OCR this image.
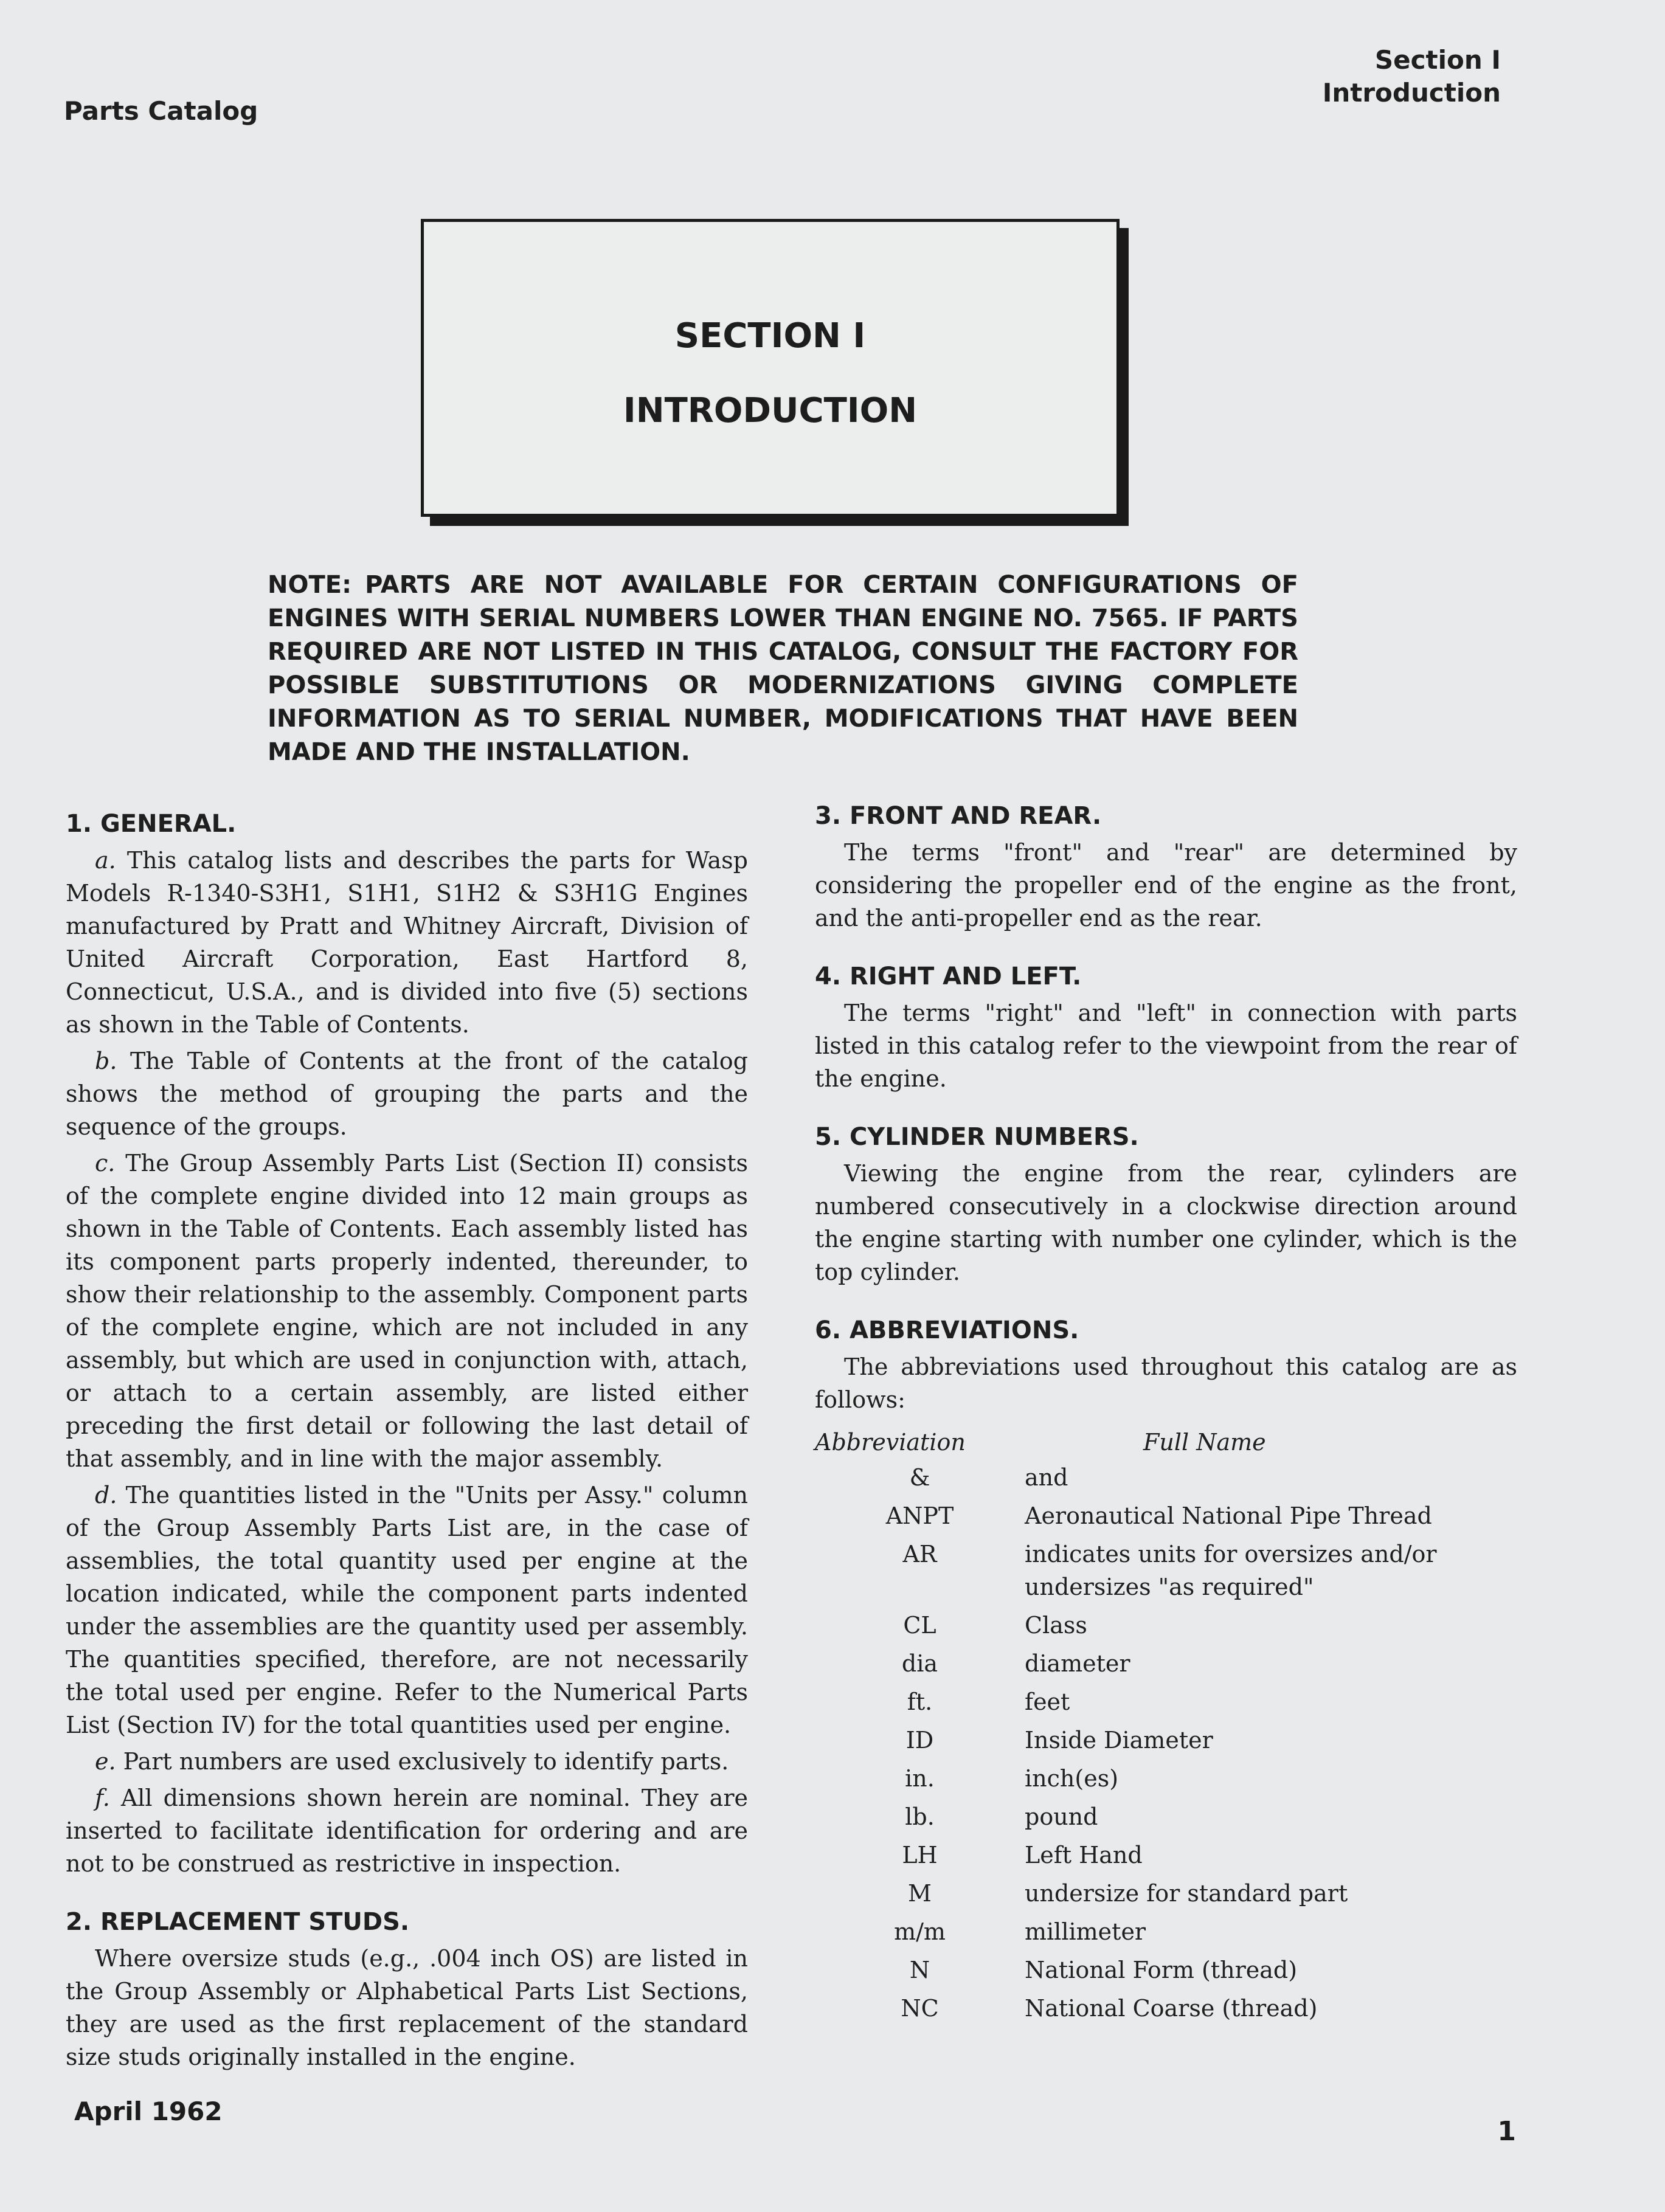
Parts Catalog
Section I
Introduction
SECTION I
INTRODUCTION
NOTE: PARTS ARE NOT AVAILABLE FOR CERTAIN CONFIGURATIONS OF ENGINES WITH SERIAL NUMBERS LOWER THAN ENGINE NO. 7565. IF PARTS REQUIRED ARE NOT LISTED IN THIS CATALOG, CONSULT THE FACTORY FOR POSSIBLE SUBSTITUTIONS OR MODERNIZATIONS GIVING COMPLETE INFORMATION AS TO SERIAL NUMBER, MODIFICATIONS THAT HAVE BEEN MADE AND THE INSTALLATION.
1. GENERAL.

a. This catalog lists and describes the parts for Wasp Models R-1340-S3H1, S1H1, S1H2 & S3H1G Engines manufactured by Pratt and Whitney Aircraft, Division of United Aircraft Corporation, East Hartford 8, Connecticut, U.S.A., and is divided into five (5) sections as shown in the Table of Contents.

b. The Table of Contents at the front of the catalog shows the method of grouping the parts and the sequence of the groups.

c. The Group Assembly Parts List (Section II) consists of the complete engine divided into 12 main groups as shown in the Table of Contents. Each assembly listed has its component parts properly indented, thereunder, to show their relationship to the assembly. Component parts of the complete engine, which are not included in any assembly, but which are used in conjunction with, attach, or attach to a certain assembly, are listed either preceding the first detail or following the last detail of that assembly, and in line with the major assembly.

d. The quantities listed in the "Units per Assy." column of the Group Assembly Parts List are, in the case of assemblies, the total quantity used per engine at the location indicated, while the component parts indented under the assemblies are the quantity used per assembly. The quantities specified, therefore, are not necessarily the total used per engine. Refer to the Numerical Parts List (Section IV) for the total quantities used per engine.

e. Part numbers are used exclusively to identify parts.

f. All dimensions shown herein are nominal. They are inserted to facilitate identification for ordering and are not to be construed as restrictive in inspection.

2. REPLACEMENT STUDS.

Where oversize studs (e.g., .004 inch OS) are listed in the Group Assembly or Alphabetical Parts List Sections, they are used as the first replacement of the standard size studs originally installed in the engine.

3. FRONT AND REAR.

The terms "front" and "rear" are determined by considering the propeller end of the engine as the front, and the anti-propeller end as the rear.

4. RIGHT AND LEFT.

The terms "right" and "left" in connection with parts listed in this catalog refer to the viewpoint from the rear of the engine.

5. CYLINDER NUMBERS.

Viewing the engine from the rear, cylinders are numbered consecutively in a clockwise direction around the engine starting with number one cylinder, which is the top cylinder.

6. ABBREVIATIONS.

The abbreviations used throughout this catalog are as follows:

Abbreviation	Full Name
&	and
ANPT	Aeronautical National Pipe Thread
AR	indicates units for oversizes and/or undersizes "as required"
CL	Class
dia	diameter
ft.	feet
ID	Inside Diameter
in.	inch(es)
lb.	pound
LH	Left Hand
M	undersize for standard part
m/m	millimeter
N	National Form (thread)
NC	National Coarse (thread)
April 1962
1
